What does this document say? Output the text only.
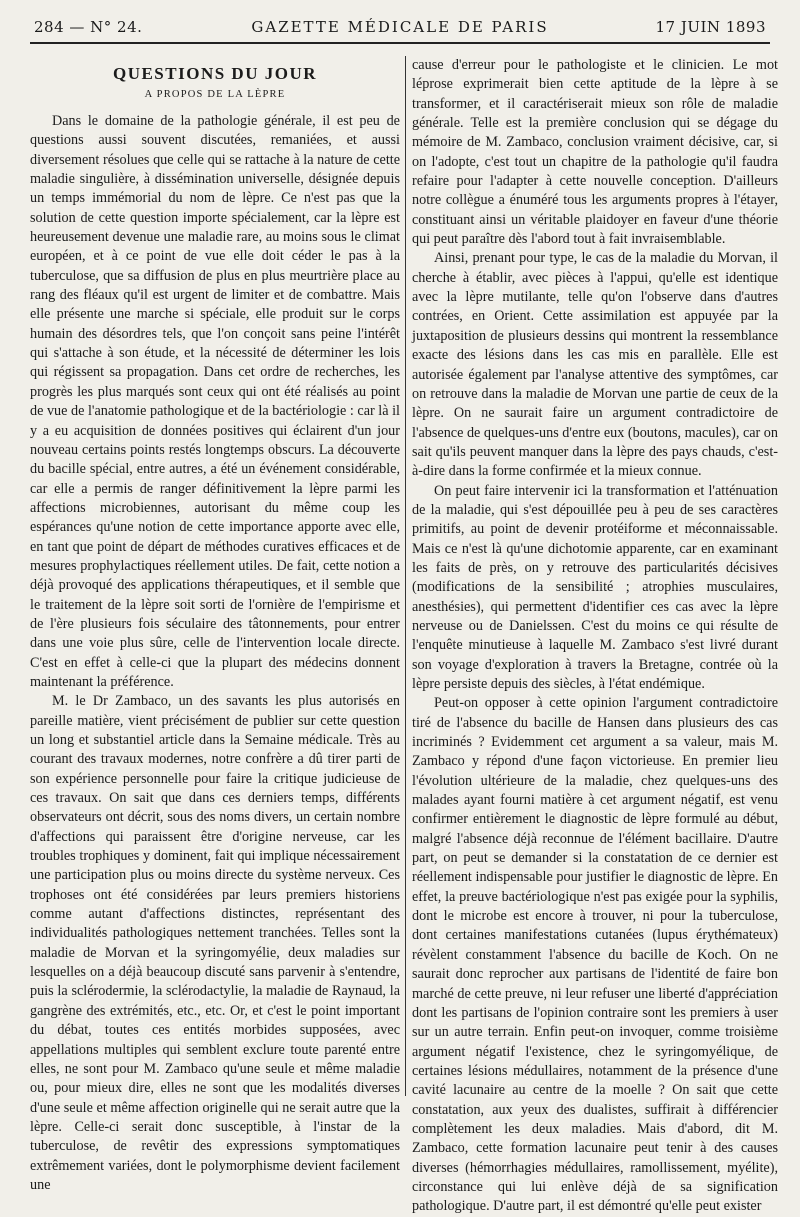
284 — N° 24.	GAZETTE MÉDICALE DE PARIS	17 JUIN 1893
QUESTIONS DU JOUR
A PROPOS DE LA LÈPRE

Dans le domaine de la pathologie générale, il est peu de questions aussi souvent discutées, remaniées, et aussi diversement résolues que celle qui se rattache à la nature de cette maladie singulière, à dissémination universelle, désignée depuis un temps immémorial du nom de lèpre. Ce n'est pas que la solution de cette question importe spécialement, car la lèpre est heureusement devenue une maladie rare, au moins sous le climat européen, et à ce point de vue elle doit céder le pas à la tuberculose, que sa diffusion de plus en plus meurtrière place au rang des fléaux qu'il est urgent de limiter et de combattre. Mais elle présente une marche si spéciale, elle produit sur le corps humain des désordres tels, que l'on conçoit sans peine l'intérêt qui s'attache à son étude, et la nécessité de déterminer les lois qui régissent sa propagation. Dans cet ordre de recherches, les progrès les plus marqués sont ceux qui ont été réalisés au point de vue de l'anatomie pathologique et de la bactériologie : car là il y a eu acquisition de données positives qui éclairent d'un jour nouveau certains points restés longtemps obscurs. La découverte du bacille spécial, entre autres, a été un événement considérable, car elle a permis de ranger définitivement la lèpre parmi les affections microbiennes, autorisant du même coup les espérances qu'une notion de cette importance apporte avec elle, en tant que point de départ de méthodes curatives efficaces et de mesures prophylactiques réellement utiles. De fait, cette notion a déjà provoqué des applications thérapeutiques, et il semble que le traitement de la lèpre soit sorti de l'ornière de l'empirisme et de l'ère plusieurs fois séculaire des tâtonnements, pour entrer dans une voie plus sûre, celle de l'intervention locale directe. C'est en effet à celle-ci que la plupart des médecins donnent maintenant la préférence.

M. le Dr Zambaco, un des savants les plus autorisés en pareille matière, vient précisément de publier sur cette question un long et substantiel article dans la Semaine médicale. Très au courant des travaux modernes, notre confrère a dû tirer parti de son expérience personnelle pour faire la critique judicieuse de ces travaux. On sait que dans ces derniers temps, différents observateurs ont décrit, sous des noms divers, un certain nombre d'affections qui paraissent être d'origine nerveuse, car les troubles trophiques y dominent, fait qui implique nécessairement une participation plus ou moins directe du système nerveux. Ces trophoses ont été considérées par leurs premiers historiens comme autant d'affections distinctes, représentant des individualités pathologiques nettement tranchées. Telles sont la maladie de Morvan et la syringomyélie, deux maladies sur lesquelles on a déjà beaucoup discuté sans parvenir à s'entendre, puis la sclérodermie, la sclérodactylie, la maladie de Raynaud, la gangrène des extrémités, etc., etc. Or, et c'est le point important du débat, toutes ces entités morbides supposées, avec appellations multiples qui semblent exclure toute parenté entre elles, ne sont pour M. Zambaco qu'une seule et même maladie ou, pour mieux dire, elles ne sont que les modalités diverses d'une seule et même affection originelle qui ne serait autre que la lèpre. Celle-ci serait donc susceptible, à l'instar de la tuberculose, de revêtir des expressions symptomatiques extrêmement variées, dont le polymorphisme devient facilement une

cause d'erreur pour le pathologiste et le clinicien. Le mot léprose exprimerait bien cette aptitude de la lèpre à se transformer, et il caractériserait mieux son rôle de maladie générale. Telle est la première conclusion qui se dégage du mémoire de M. Zambaco, conclusion vraiment décisive, car, si on l'adopte, c'est tout un chapitre de la pathologie qu'il faudra refaire pour l'adapter à cette nouvelle conception. D'ailleurs notre collègue a énuméré tous les arguments propres à l'étayer, constituant ainsi un véritable plaidoyer en faveur d'une théorie qui peut paraître dès l'abord tout à fait invraisemblable.

Ainsi, prenant pour type, le cas de la maladie du Morvan, il cherche à établir, avec pièces à l'appui, qu'elle est identique avec la lèpre mutilante, telle qu'on l'observe dans d'autres contrées, en Orient. Cette assimilation est appuyée par la juxtaposition de plusieurs dessins qui montrent la ressemblance exacte des lésions dans les cas mis en parallèle. Elle est autorisée également par l'analyse attentive des symptômes, car on retrouve dans la maladie de Morvan une partie de ceux de la lèpre. On ne saurait faire un argument contradictoire de l'absence de quelques-uns d'entre eux (boutons, macules), car on sait qu'ils peuvent manquer dans la lèpre des pays chauds, c'est-à-dire dans la forme confirmée et la mieux connue.

On peut faire intervenir ici la transformation et l'atténuation de la maladie, qui s'est dépouillée peu à peu de ses caractères primitifs, au point de devenir protéiforme et méconnaissable. Mais ce n'est là qu'une dichotomie apparente, car en examinant les faits de près, on y retrouve des particularités décisives (modifications de la sensibilité ; atrophies musculaires, anesthésies), qui permettent d'identifier ces cas avec la lèpre nerveuse ou de Danielssen. C'est du moins ce qui résulte de l'enquête minutieuse à laquelle M. Zambaco s'est livré durant son voyage d'exploration à travers la Bretagne, contrée où la lèpre persiste depuis des siècles, à l'état endémique.

Peut-on opposer à cette opinion l'argument contradictoire tiré de l'absence du bacille de Hansen dans plusieurs des cas incriminés ? Evidemment cet argument a sa valeur, mais M. Zambaco y répond d'une façon victorieuse. En premier lieu l'évolution ultérieure de la maladie, chez quelques-uns des malades ayant fourni matière à cet argument négatif, est venu confirmer entièrement le diagnostic de lèpre formulé au début, malgré l'absence déjà reconnue de l'élément bacillaire. D'autre part, on peut se demander si la constatation de ce dernier est réellement indispensable pour justifier le diagnostic de lèpre. En effet, la preuve bactériologique n'est pas exigée pour la syphilis, dont le microbe est encore à trouver, ni pour la tuberculose, dont certaines manifestations cutanées (lupus érythémateux) révèlent constamment l'absence du bacille de Koch. On ne saurait donc reprocher aux partisans de l'identité de faire bon marché de cette preuve, ni leur refuser une liberté d'appréciation dont les partisans de l'opinion contraire sont les premiers à user sur un autre terrain. Enfin peut-on invoquer, comme troisième argument négatif l'existence, chez le syringomyélique, de certaines lésions médullaires, notamment de la présence d'une cavité lacunaire au centre de la moelle ? On sait que cette constatation, aux yeux des dualistes, suffirait à différencier complètement les deux maladies. Mais d'abord, dit M. Zambaco, cette formation lacunaire peut tenir à des causes diverses (hémorrhagies médullaires, ramollissement, myélite), circonstance qui lui enlève déjà de sa signification pathologique. D'autre part, il est démontré qu'elle peut exister
